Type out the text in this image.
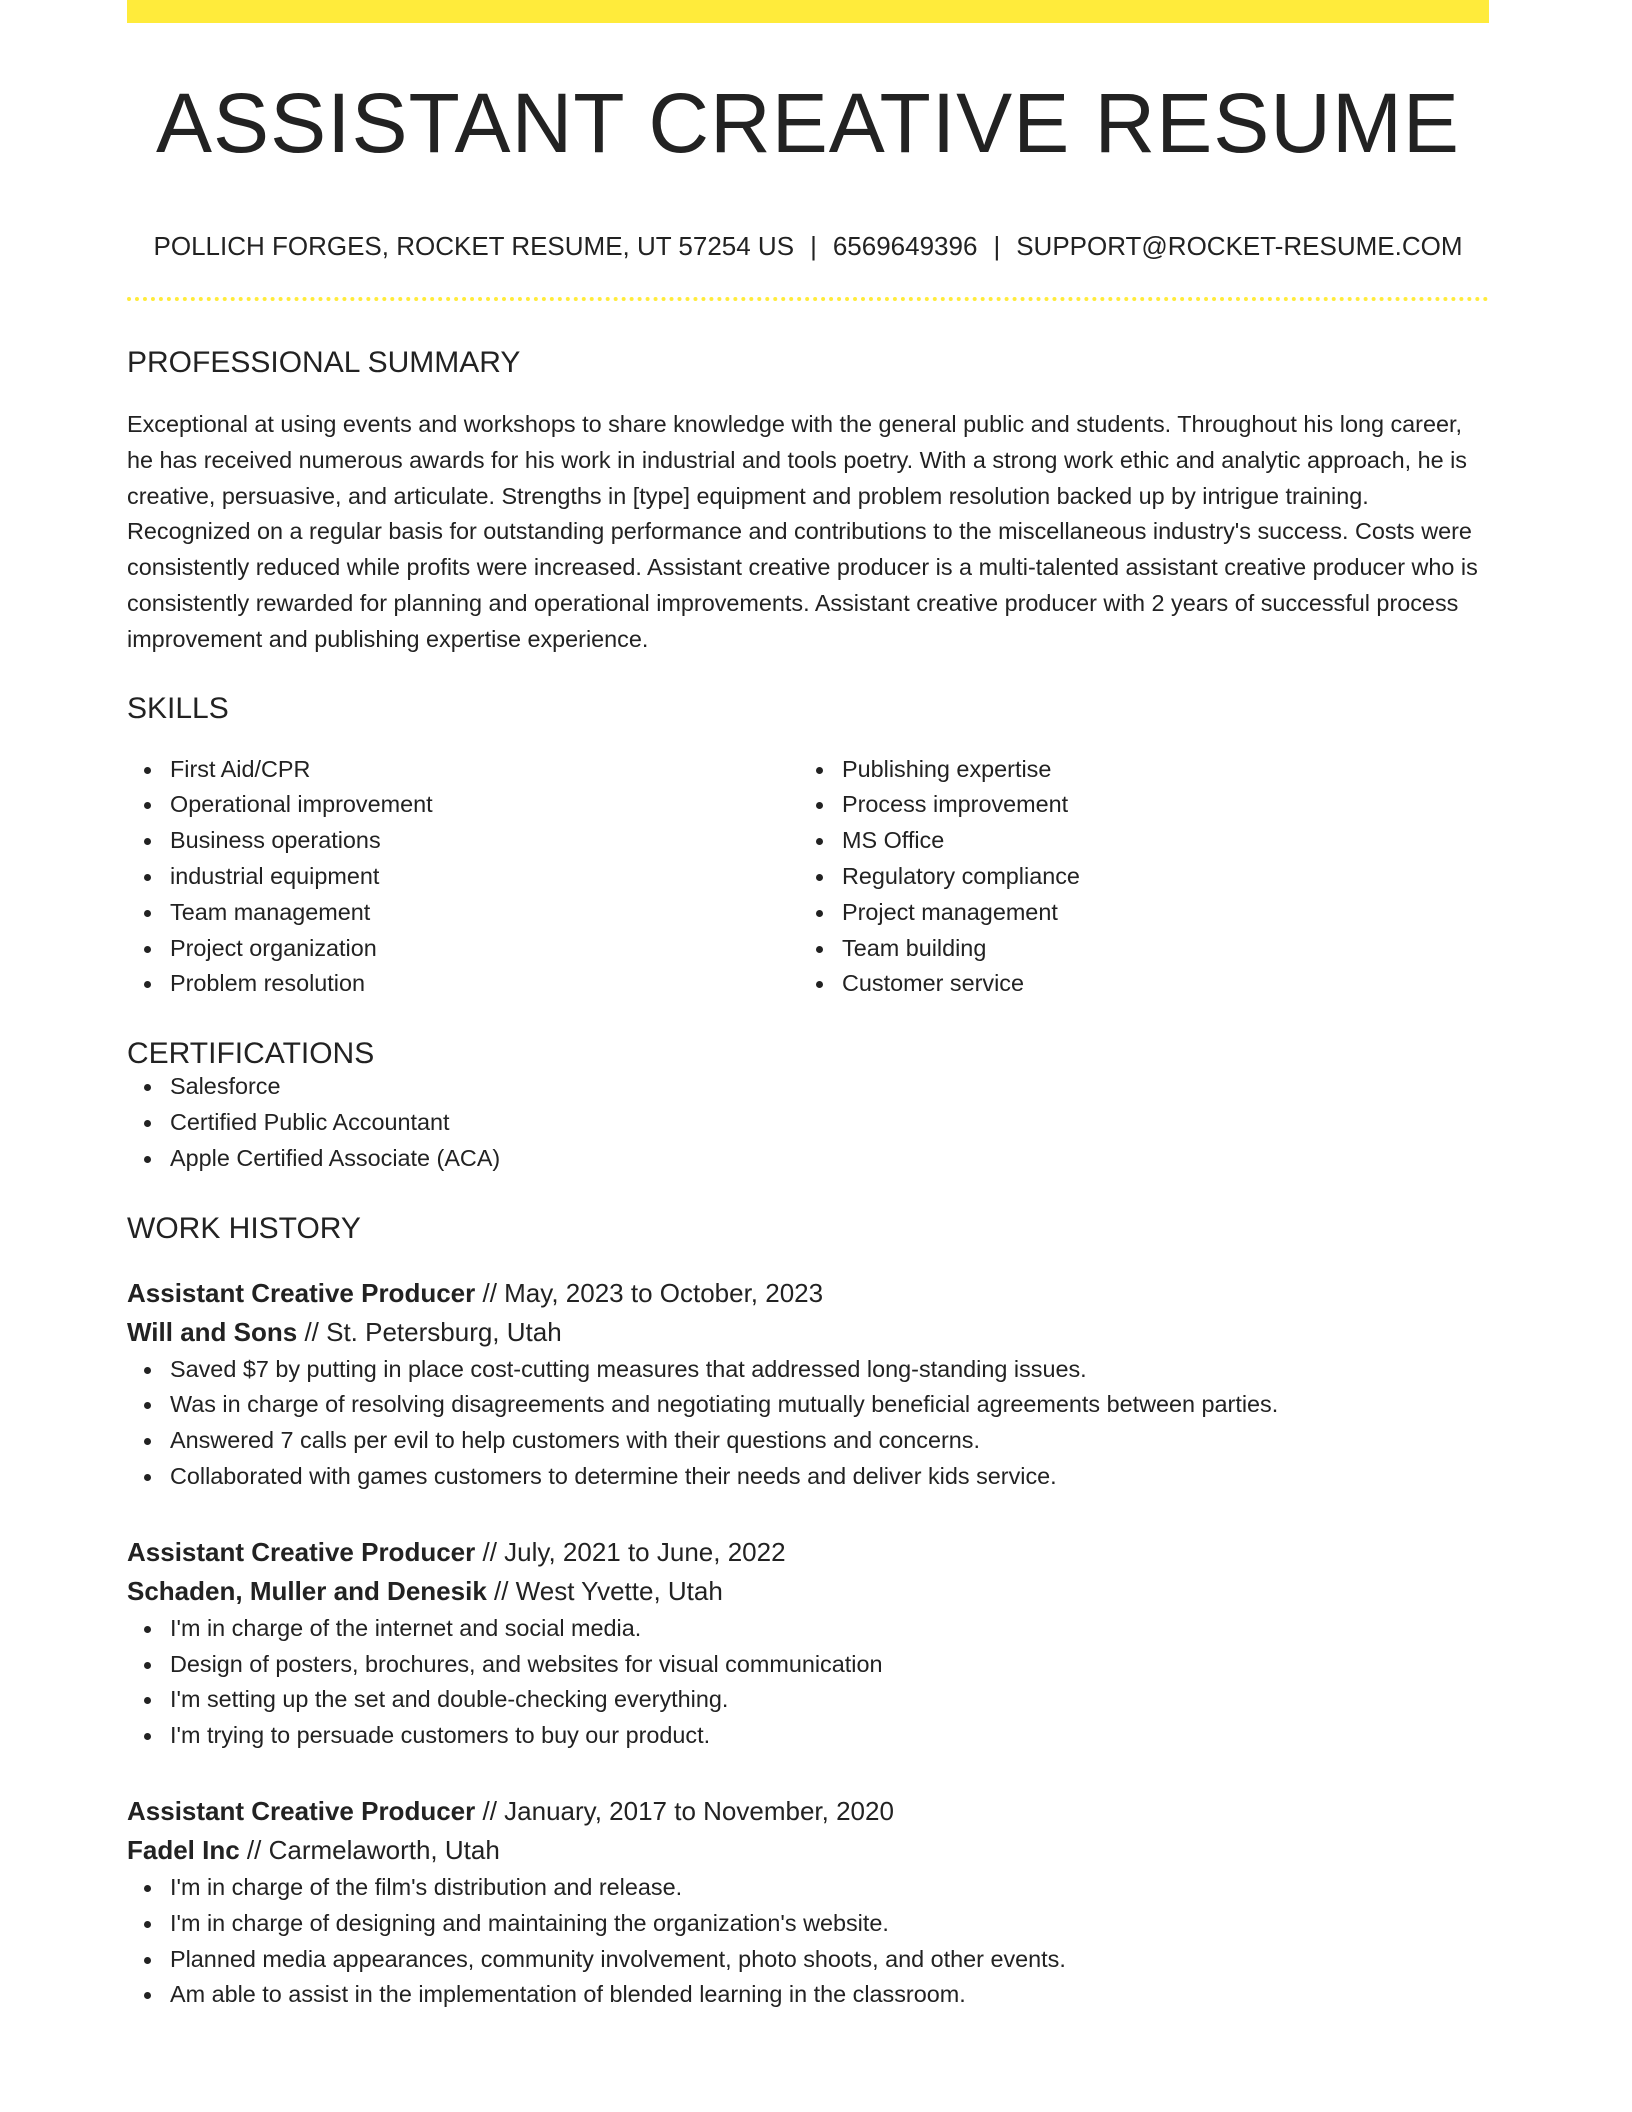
ASSISTANT CREATIVE RESUME
POLLICH FORGES, ROCKET RESUME, UT 57254 US | 6569649396 | SUPPORT@ROCKET-RESUME.COM
PROFESSIONAL SUMMARY

Exceptional at using events and workshops to share knowledge with the general public and students. Throughout his long career, he has received numerous awards for his work in industrial and tools poetry. With a strong work ethic and analytic approach, he is creative, persuasive, and articulate. Strengths in [type] equipment and problem resolution backed up by intrigue training. Recognized on a regular basis for outstanding performance and contributions to the miscellaneous industry's success. Costs were consistently reduced while profits were increased. Assistant creative producer is a multi-talented assistant creative producer who is consistently rewarded for planning and operational improvements. Assistant creative producer with 2 years of successful process improvement and publishing expertise experience.

SKILLS
First Aid/CPR
Operational improvement
Business operations
industrial equipment
Team management
Project organization
Problem resolution
Publishing expertise
Process improvement
MS Office
Regulatory compliance
Project management
Team building
Customer service
CERTIFICATIONS
Salesforce
Certified Public Accountant
Apple Certified Associate (ACA)
WORK HISTORY
Assistant Creative Producer // May, 2023 to October, 2023
Will and Sons // St. Petersburg, Utah
Saved $7 by putting in place cost-cutting measures that addressed long-standing issues.
Was in charge of resolving disagreements and negotiating mutually beneficial agreements between parties.
Answered 7 calls per evil to help customers with their questions and concerns.
Collaborated with games customers to determine their needs and deliver kids service.
Assistant Creative Producer // July, 2021 to June, 2022
Schaden, Muller and Denesik // West Yvette, Utah
I'm in charge of the internet and social media.
Design of posters, brochures, and websites for visual communication
I'm setting up the set and double-checking everything.
I'm trying to persuade customers to buy our product.
Assistant Creative Producer // January, 2017 to November, 2020
Fadel Inc // Carmelaworth, Utah
I'm in charge of the film's distribution and release.
I'm in charge of designing and maintaining the organization's website.
Planned media appearances, community involvement, photo shoots, and other events.
Am able to assist in the implementation of blended learning in the classroom.
